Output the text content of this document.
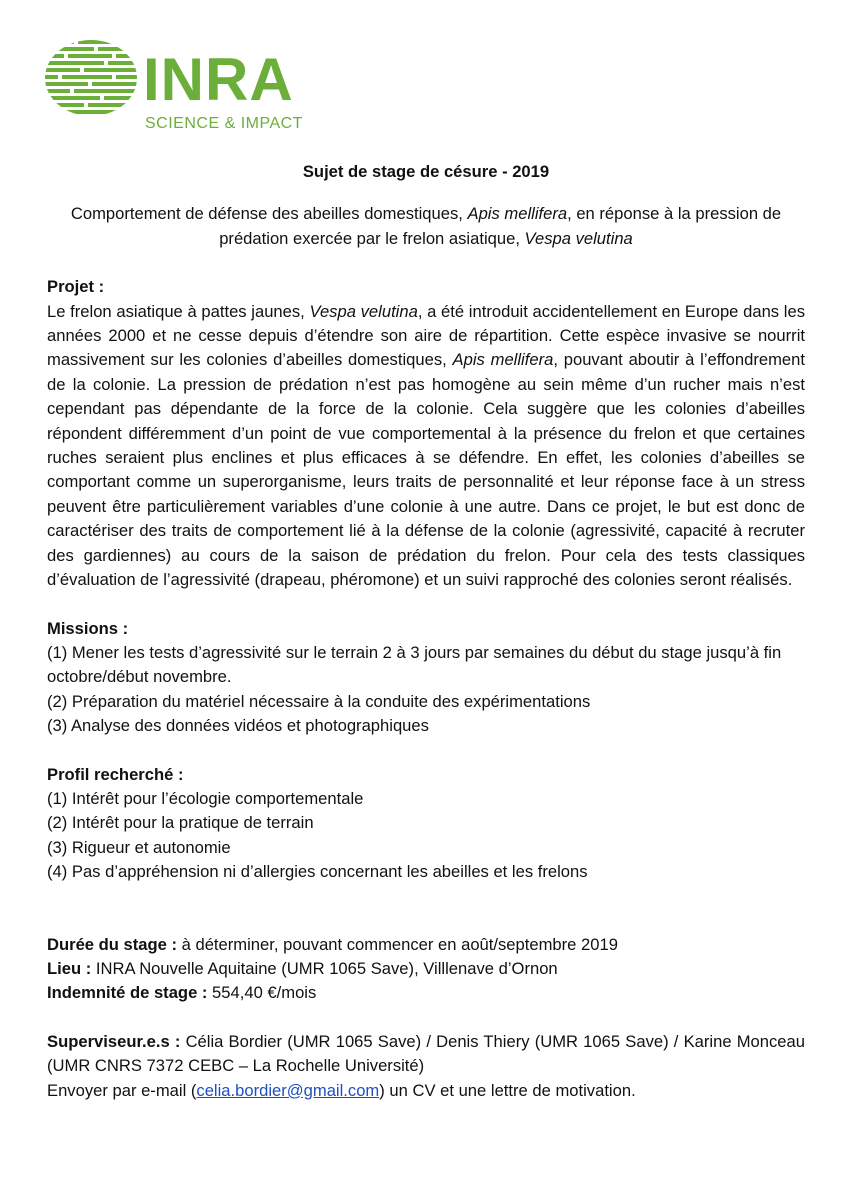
INRA
SCIENCE & IMPACT

Sujet de stage de césure - 2019

Comportement de défense des abeilles domestiques, Apis mellifera, en réponse à la pression de prédation exercée par le frelon asiatique, Vespa velutina

Projet :

Le frelon asiatique à pattes jaunes, Vespa velutina, a été introduit accidentellement en Europe dans les années 2000 et ne cesse depuis d’étendre son aire de répartition. Cette espèce invasive se nourrit massivement sur les colonies d’abeilles domestiques, Apis mellifera, pouvant aboutir à l’effondrement de la colonie. La pression de prédation n’est pas homogène au sein même d’un rucher mais n’est cependant pas dépendante de la force de la colonie. Cela suggère que les colonies d’abeilles répondent différemment d’un point de vue comportemental à la présence du frelon et que certaines ruches seraient plus enclines et plus efficaces à se défendre. En effet, les colonies d’abeilles se comportant comme un superorganisme, leurs traits de personnalité et leur réponse face à un stress peuvent être particulièrement variables d’une colonie à une autre. Dans ce projet, le but est donc de caractériser des traits de comportement lié à la défense de la colonie (agressivité, capacité à recruter des gardiennes) au cours de la saison de prédation du frelon. Pour cela des tests classiques d’évaluation de l’agressivité (drapeau, phéromone) et un suivi rapproché des colonies seront réalisés.

Missions :

(1) Mener les tests d’agressivité sur le terrain 2 à 3 jours par semaines du début du stage jusqu’à fin octobre/début novembre.
(2) Préparation du matériel nécessaire à la conduite des expérimentations
(3) Analyse des données vidéos et photographiques

Profil recherché :

(1) Intérêt pour l’écologie comportementale
(2) Intérêt pour la pratique de terrain
(3) Rigueur et autonomie
(4) Pas d’appréhension ni d’allergies concernant les abeilles et les frelons

Durée du stage : à déterminer, pouvant commencer en août/septembre 2019

Lieu : INRA Nouvelle Aquitaine (UMR 1065 Save), Villlenave d’Ornon

Indemnité de stage : 554,40 €/mois

Superviseur.e.s : Célia Bordier (UMR 1065 Save) / Denis Thiery (UMR 1065 Save) / Karine Monceau (UMR CNRS 7372 CEBC – La Rochelle Université)

Envoyer par e-mail (celia.bordier@gmail.com) un CV et une lettre de motivation.
